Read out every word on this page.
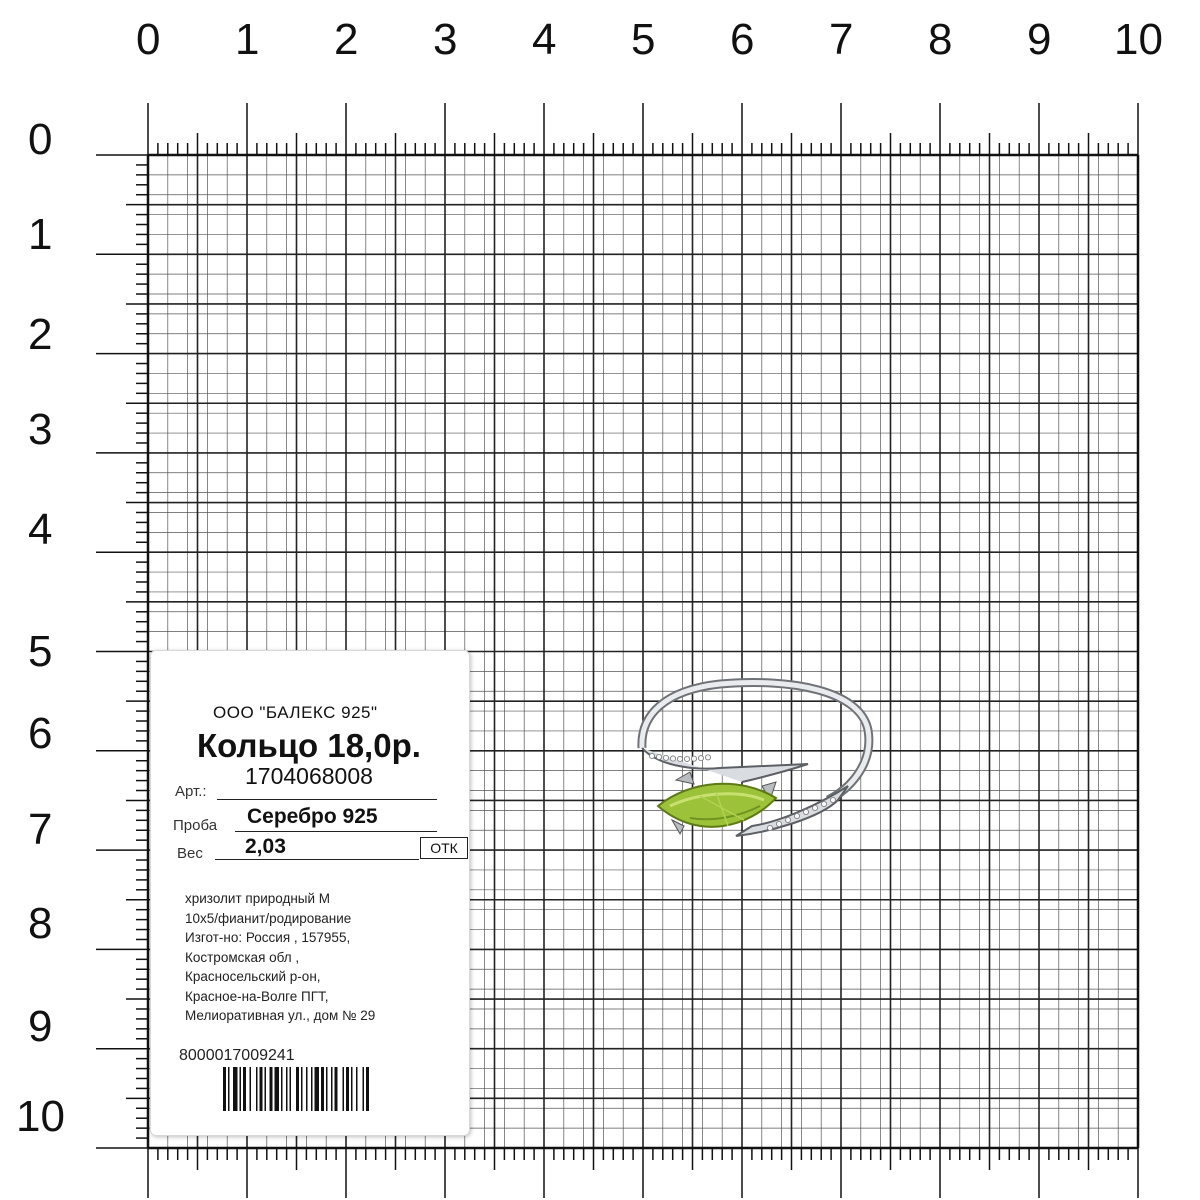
0 1 2 3 4 5 6 7 8 9 10
0
1
2
3
4
5
6
7
8
9
10
ООО "БАЛЕКС 925"
Кольцо 18,0р.
1704068008
Арт.:
Проба Серебро 925
Вес 2,03	ОТК
хризолит природный М
10х5/фианит/родирование
Изгот-но: Россия , 157955,
Костромская обл ,
Красносельский р-он,
Красное-на-Волге ПГТ,
Мелиоративная ул., дом № 29
8000017009241
